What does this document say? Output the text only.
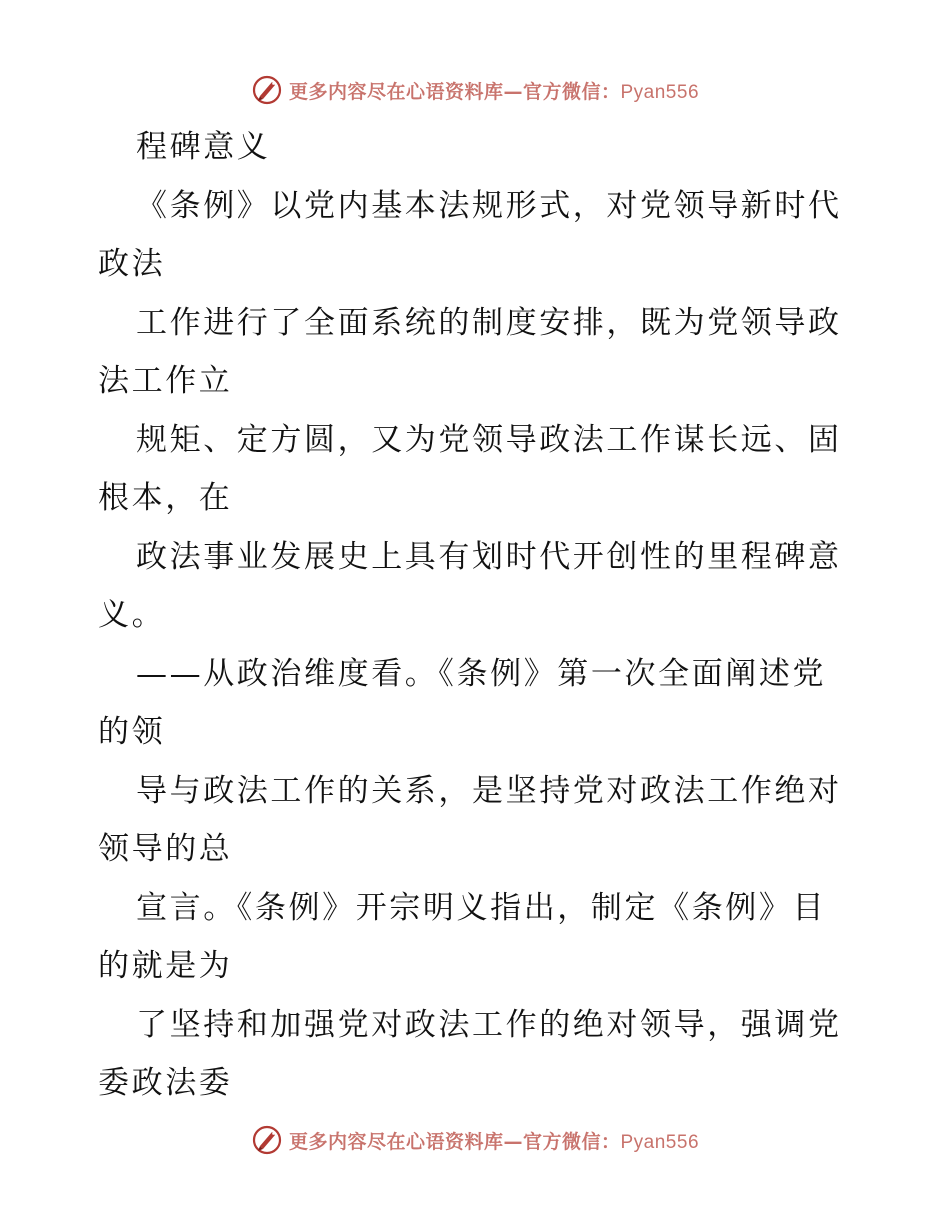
更多内容尽在心语资料库—官方微信：Pyan556
程碑意义
《条例》以党内基本法规形式，对党领导新时代
政法
工作进行了全面系统的制度安排，既为党领导政
法工作立
规矩、定方圆，又为党领导政法工作谋长远、固
根本，在
政法事业发展史上具有划时代开创性的里程碑意
义。
——从政治维度看。《条例》第一次全面阐述党
的领
导与政法工作的关系，是坚持党对政法工作绝对
领导的总
宣言。《条例》开宗明义指出，制定《条例》目
的就是为
了坚持和加强党对政法工作的绝对领导，强调党
委政法委
更多内容尽在心语资料库—官方微信：Pyan556
